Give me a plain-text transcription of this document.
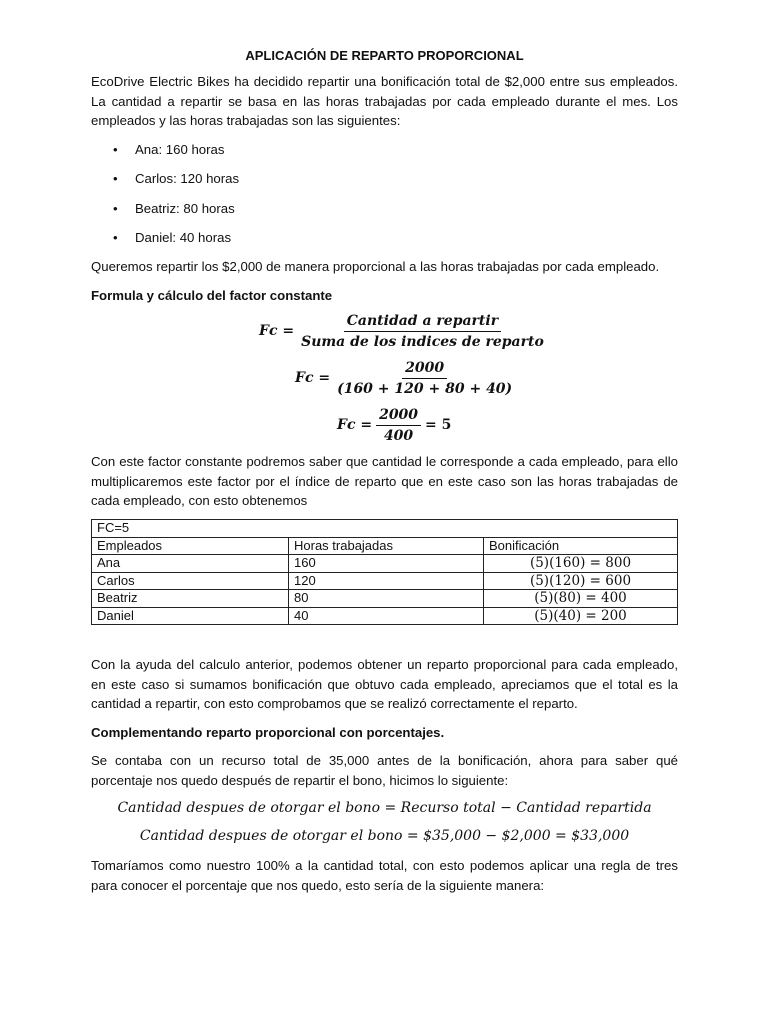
APLICACIÓN DE REPARTO PROPORCIONAL

EcoDrive Electric Bikes ha decidido repartir una bonificación total de $2,000 entre sus empleados. La cantidad a repartir se basa en las horas trabajadas por cada empleado durante el mes. Los empleados y las horas trabajadas son las siguientes:

• Ana: 160 horas
• Carlos: 120 horas
• Beatriz: 80 horas
• Daniel: 40 horas

Queremos repartir los $2,000 de manera proporcional a las horas trabajadas por cada empleado.

Formula y cálculo del factor constante
$Fc = \frac{\text{Cantidad a repartir}}{\text{Suma de los indices de reparto}}$
$Fc = \frac{2000}{(160 + 120 + 80 + 40)}$
$Fc = \frac{2000}{400} = 5$

Con este factor constante podremos saber que cantidad le corresponde a cada empleado, para ello multiplicaremos este factor por el índice de reparto que en este caso son las horas trabajadas de cada empleado, con esto obtenemos

FC=5		
Empleados	Horas trabajadas	Bonificación
Ana	160	(5)(160) = 800
Carlos	120	(5)(120) = 600
Beatriz	80	(5)(80) = 400
Daniel	40	(5)(40) = 200

Con la ayuda del calculo anterior, podemos obtener un reparto proporcional para cada empleado, en este caso si sumamos bonificación que obtuvo cada empleado, apreciamos que el total es la cantidad a repartir, con esto comprobamos que se realizó correctamente el reparto.

Complementando reparto proporcional con porcentajes.

Se contaba con un recurso total de 35,000 antes de la bonificación, ahora para saber qué porcentaje nos quedo después de repartir el bono, hicimos lo siguiente:

Cantidad despues de otorgar el bono = Recurso total − Cantidad repartida
Cantidad despues de otorgar el bono = $35,000 − $2,000 = $33,000

Tomaríamos como nuestro 100% a la cantidad total, con esto podemos aplicar una regla de tres para conocer el porcentaje que nos quedo, esto sería de la siguiente manera:
